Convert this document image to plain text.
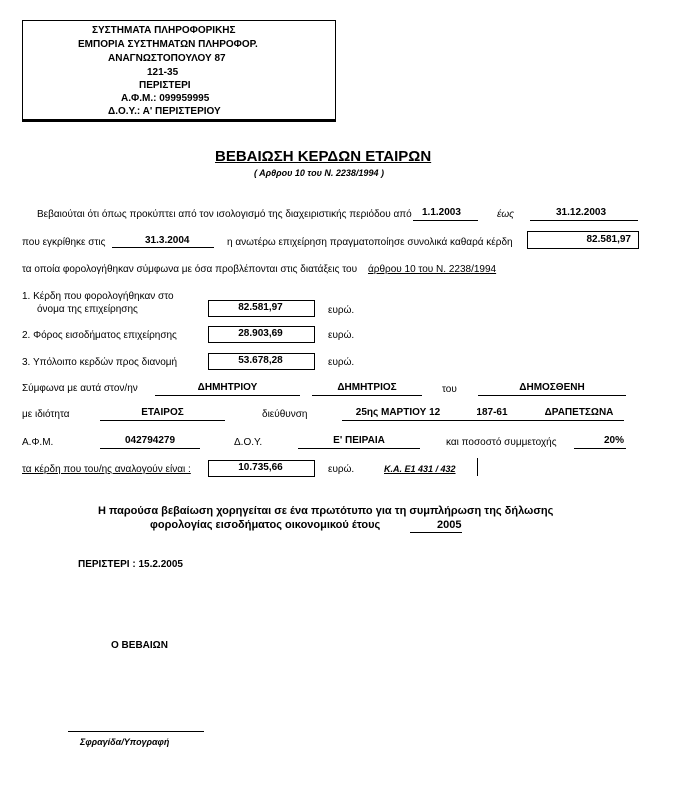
ΣΥΣΤΗΜΑΤΑ ΠΛΗΡΟΦΟΡΙΚΗΣ
ΕΜΠΟΡΙΑ ΣΥΣΤΗΜΑΤΩΝ ΠΛΗΡΟΦΟΡ.
ΑΝΑΓΝΩΣΤΟΠΟΥΛΟΥ 87
121-35
ΠΕΡΙΣΤΕΡΙ
Α.Φ.Μ.: 099959995
Δ.Ο.Υ.: Α' ΠΕΡΙΣΤΕΡΙΟΥ
ΒΕΒΑΙΩΣΗ ΚΕΡΔΩΝ ΕΤΑΙΡΩΝ
( Αρθρου 10 του Ν. 2238/1994 )
Βεβαιούται ότι όπως προκύπτει από τον ισολογισμό της διαχειριστικής περιόδου από 1.1.2003	έως	31.12.2003
που εγκρίθηκε στις	31.3.2004	η ανωτέρω επιχείρηση πραγματοποίησε συνολικά καθαρά κέρδη	82.581,97
τα οποία φορολογήθηκαν σύμφωνα με όσα προβλέπονται στις διατάξεις του άρθρου 10 του Ν. 2238/1994
1. Κέρδη που φορολογήθηκαν στο
όνομα της επιχείρησης	82.581,97	ευρώ.
2. Φόρος εισοδήματος επιχείρησης	28.903,69	ευρώ.
3. Υπόλοιπο κερδών προς διανομή	53.678,28	ευρώ.
Σύμφωνα με αυτά στον/ην	ΔΗΜΗΤΡΙΟΥ	ΔΗΜΗΤΡΙΟΣ	του	ΔΗΜΟΣΘΕΝΗ
με ιδιότητα	ΕΤΑΙΡΟΣ	διεύθυνση	25ης ΜΑΡΤΙΟΥ 12	187-61	ΔΡΑΠΕΤΣΩΝΑ
Α.Φ.Μ.	042794279	Δ.Ο.Υ.	Ε' ΠΕΙΡΑΙΑ	και ποσοστό συμμετοχής	20%
τα κέρδη που του/ης αναλογούν είναι :	10.735,66	ευρώ.	Κ.Α. Ε1 431 / 432
Η παρούσα βεβαίωση χορηγείται σε ένα πρωτότυπο για τη συμπλήρωση της δήλωσης
φορολογίας εισοδήματος οικονομικού έτους	2005
ΠΕΡΙΣΤΕΡΙ : 15.2.2005
Ο ΒΕΒΑΙΩΝ
Σφραγίδα/Υπογραφή
